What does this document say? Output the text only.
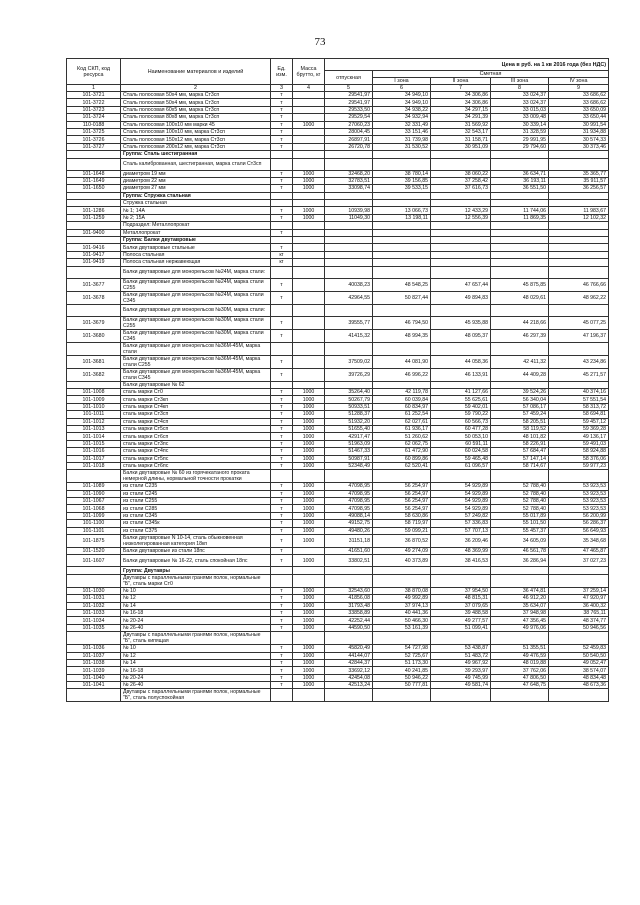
73
Код СКП, код ресурса	Наименование материалов и изделий	Ед. изм.	Масса брутто, кг	Цена в руб. на 1 кв 2016 года (без НДС)				
				отпускная	Сметная			
					I зона	II зона	III зона	IV зона
1	2	3	4	5	6	7	8	9
101-3721	Сталь полосовая 50x4 мм, марка Ст3сп	т		29541,97	34 949,10	34 306,86	33 024,37	33 686,62
101-3722	Сталь полосовая 50x4 мм, марка Ст3сп	т		29541,97	34 949,10	34 306,86	33 024,37	33 686,62
101-3723	Сталь полосовая 60x5 мм, марка Ст3сп	т		29533,50	34 938,22	34 297,15	33 015,03	33 650,09
101-3724	Сталь полосовая 80x8 мм, марка Ст3сп	т		29529,54	34 932,94	34 291,39	33 009,48	33 650,44
110-0188	Сталь полосовая 100x10 мм марки 45	т	1000	27060,23	32 331,49	31 569,92	30 339,14	30 991,54
101-3725	Сталь полосовая 100x10 мм, марка Ст3сп	т		28004,45	33 151,46	32 543,17	31 328,59	31 934,88
101-3726	Сталь полосовая 150x12 мм, марка Ст3сп	т		26897,91	31 739,98	31 158,71	29 991,95	30 574,33
101-3727	Сталь полосовая 200x12 мм, марка Ст3сп	т		26720,78	31 530,52	30 951,09	29 794,60	30 373,46
	Группа: Сталь шестигранная							
	Сталь калиброванная, шестигранная, марка стали Ст3сп							
101-1648	диаметром 19 мм	т	1000	32468,20	38 780,14	38 060,22	36 634,71	35 365,77
101-1649	диаметром 22 мм	т	1000	32783,51	39 156,85	37 258,42	36 193,11	35 911,57
101-1650	диаметром 27 мм	т	1000	33098,74	39 533,15	37 616,73	36 551,50	36 256,57
	Группа: Стружка стальная							
	Стружка стальная							
101-1286	№ 1; 14А	т	1000	10939,98	13 066,73	12 433,29	11 744,06	11 983,67
101-1259	№ 2; 15А	т	1000	11049,30	13 198,11	12 556,39	11 869,35	12 102,32
	Подраздел: Металлопрокат							
101-9400	Металлопрокат	т						
	Группа: Балки двутавровые							
101-9416	Балки двутавровые стальные	т						
101-9417	Полоса стальная	кг						
101-9419	Полоса стальная нержавеющая	кг						
	Балки двутавровые для монорельсов №24М, марка стали:							
101-3677	Балки двутавровые для монорельсов №24М, марка стали С255	т		40038,23	48 548,25	47 657,44	45 875,85	46 766,66
101-3678	Балки двутавровые для монорельсов №24М, марка стали С345	т		42964,55	50 827,44	49 894,83	48 029,61	48 962,22
	Балки двутавровые для монорельсов №30М, марка стали:							
101-3679	Балки двутавровые для монорельсов №30М, марка стали С255	т		39555,77	46 794,50	45 935,88	44 218,66	45 077,25
101-3680	Балки двутавровые для монорельсов №30М, марка стали С345	т		41415,32	48 994,35	48 095,37	46 297,39	47 196,37
	Балки двутавровые для монорельсов №36М-45М, марка стали							
101-3681	Балки двутавровые для монорельсов №36М-45М, марка стали С255	т		37509,02	44 081,90	44 058,36	42 411,32	43 234,86
101-3682	Балки двутавровые для монорельсов №36М-45М, марка стали С345	т		39726,29	46 996,22	46 133,91	44 409,28	45 271,57
	Балки двутавровые № 62							
101-1008	сталь марки Ст0	т	1000	35264,40	42 119,78	41 127,66	39 524,26	40 374,16
101-1009	сталь марки Ст3кп	т	1000	50267,79	60 039,84	55 625,61	56 340,04	57 551,54
101-1010	сталь марки Ст4кп	т	1000	50933,51	60 834,97	59 402,01	57 086,17	58 313,72
101-1011	сталь марки Ст3сп	т	1000	51288,37	61 252,54	59 790,22	57 459,24	58 694,81
101-1012	сталь марки Ст4сп	т	1000	51932,20	62 027,61	60 566,73	58 205,51	59 457,12
101-1013	сталь марки Ст5сп	т	1000	51655,40	61 936,17	60 477,28	58 119,52	59 369,28
101-1014	сталь марки Ст6сп	т	1000	42917,47	51 260,62	50 053,10	48 101,82	49 136,17
101-1015	сталь марки Ст3пс	т	1000	51963,09	62 062,75	60 591,11	58 226,91	59 491,03
101-1016	сталь марки Ст4пс	т	1000	51467,33	61 472,90	60 024,58	57 684,47	58 924,88
101-1017	сталь марки Ст5пс	т	1000	50987,91	60 899,86	59 465,48	57 147,14	58 376,06
101-1018	сталь марки Ст6пс	т	1000	52348,49	62 520,41	61 096,57	58 714,67	59 977,23
	Балки двутавровые № 60 из горячекатаного проката немерной длины, нормальной точности прокатки							
101-1089	из стали С235	т	1000	47098,95	56 254,97	54 929,89	52 788,40	53 923,53
101-1090	из стали С245	т	1000	47098,95	56 254,97	54 929,89	52 788,40	53 923,53
101-1067	из стали С255	т	1000	47098,95	56 254,97	54 929,89	52 788,40	53 923,53
101-1068	из стали С285	т	1000	47098,95	56 254,97	54 929,89	52 788,40	53 923,53
101-1099	из стали С345	т	1000	49088,14	58 630,86	57 249,82	55 017,89	56 200,99
101-1100	из стали С345к	т	1000	49152,75	58 719,97	57 336,83	55 101,50	56 286,37
101-1101	из стали С375	т	1000	49480,26	59 099,21	57 707,13	55 457,37	56 649,93
101-1875	Балки двутавровые N 10-14, сталь обыкновенная низколегированная категория 18кп	т	1000	31151,18	36 870,52	36 209,46	34 605,09	35 348,68
101-1520	Балки двутавровые из стали 18пс	т		41651,60	49 274,09	48 369,99	46 561,78	47 465,87
101-1607	Балки двутавровые № 16-22, сталь спокойная 18пс	т	1000	33802,51	40 373,89	38 416,53	36 286,94	37 027,23
	Группа: Двутавры							
	Двутавры с параллельными гранями полок, нормальные "Б", сталь марки Ст0							
101-1030	№ 10	т	1000	32543,60	38 870,08	37 954,50	36 474,81	37 259,14
101-1031	№ 12	т	1000	41856,08	49 992,89	48 815,31	46 912,20	47 920,97
101-1032	№ 14	т	1000	31793,48	37 974,13	37 079,65	35 634,07	36 400,32
101-1033	№ 16-18	т	1000	33858,89	40 441,36	39 488,58	37 948,98	38 765,11
101-1034	№ 20-24	т	1000	42252,44	50 466,30	49 277,57	47 356,45	48 374,77
101-1035	№ 26-40	т	1000	44590,50	53 161,39	51 099,41	49 976,06	50 946,56
	Двутавры с параллельными гранями полок, нормальные "Б", сталь кипящая							
101-1036	№ 10	т	1000	45820,49	54 727,98	53 438,87	51 355,51	52 459,83
101-1037	№ 12	т	1000	44144,07	52 725,67	51 483,72	49 476,59	50 540,50
101-1038	№ 14	т	1000	42844,37	51 173,30	49 967,92	48 019,88	49 052,47
101-1039	№ 16-18	т	1000	33692,12	40 241,85	39 293,97	37 762,06	38 574,07
101-1040	№ 20-24	т	1000	42454,08	50 946,22	49 745,99	47 806,50	48 834,48
101-1041	№ 26-40	т	1000	42513,24	50 777,81	49 581,74	47 648,75	48 673,36
	Двутавры с параллельными гранями полок, нормальные "Б", сталь полуспокойная							
